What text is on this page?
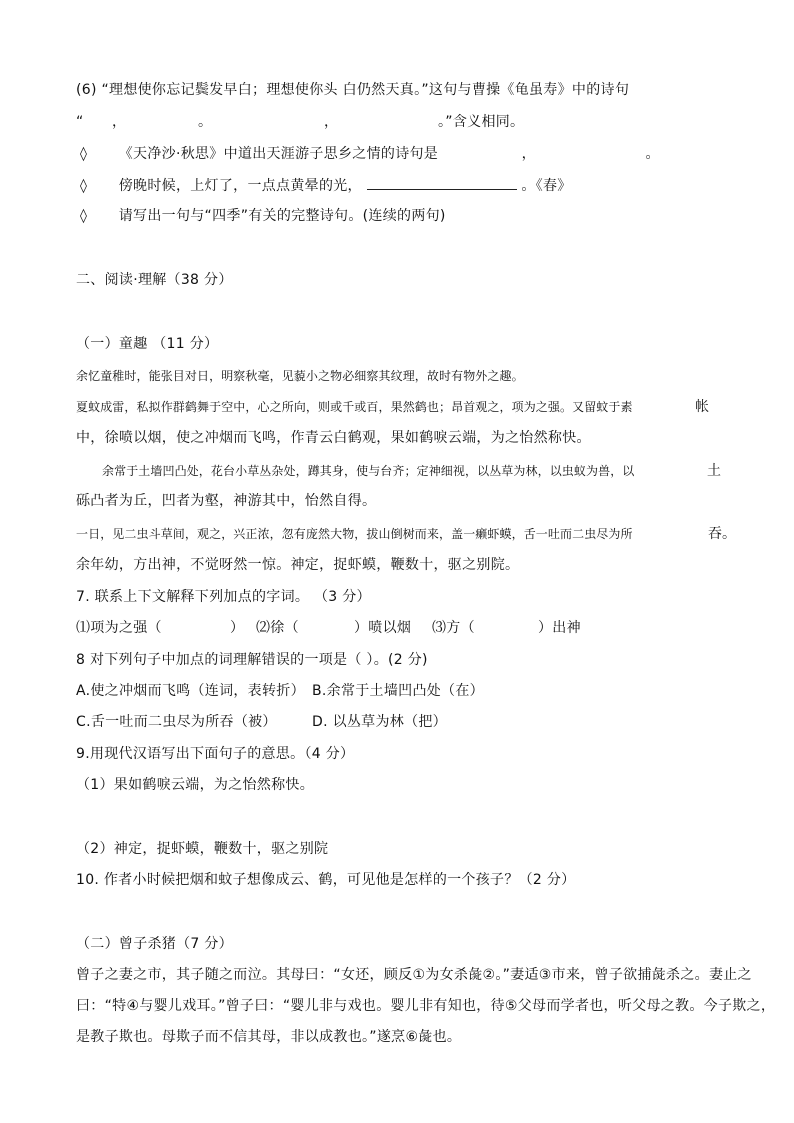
(6) “理想使你忘记鬓发早白；理想使你头 白仍然天真。”这句与曹操《龟虽寿》中的诗句
“ ，	。	，	。”含义相同。
◊ 《天净沙·秋思》中道出天涯游子思乡之情的诗句是	，	。
◊ 傍晚时候，上灯了，一点点黄晕的光，	。《春》
◊ 请写出一句与“四季”有关的完整诗句。(连续的两句)
二、阅读·理解（38 分）
（一）童趣 （11 分）
余忆童稚时，能张目对日，明察秋毫，见藐小之物必细察其纹理，故时有物外之趣。
夏蚊成雷，私拟作群鹤舞于空中，心之所向，则或千或百，果然鹤也；昂首观之，项为之强。又留蚊于素	帐
中，徐喷以烟，使之冲烟而飞鸣，作青云白鹤观，果如鹤唳云端，为之怡然称快。
余常于土墙凹凸处，花台小草丛杂处，蹲其身，使与台齐；定神细视，以丛草为林，以虫蚁为兽，以	土
砾凸者为丘，凹者为壑，神游其中，怡然自得。
一日，见二虫斗草间，观之，兴正浓，忽有庞然大物，拔山倒树而来，盖一癞虾蟆，舌一吐而二虫尽为所	吞。
余年幼，方出神，不觉呀然一惊。神定，捉虾蟆，鞭数十，驱之别院。
7. 联系上下文解释下列加点的字词。 （3 分）
⑴项为之强（	） ⑵徐（	）喷以烟 ⑶方（	）出神
8 对下列句子中加点的词理解错误的一项是（ ）。(2 分)
A.使之冲烟而飞鸣（连词，表转折） B.余常于土墙凹凸处（在）
C.舌一吐而二虫尽为所吞（被）	D. 以丛草为林（把）
9.用现代汉语写出下面句子的意思。（4 分）
（1）果如鹤唳云端，为之怡然称快。
（2）神定，捉虾蟆，鞭数十，驱之别院
10. 作者小时候把烟和蚊子想像成云、鹤，可见他是怎样的一个孩子？（2 分）
（二）曾子杀猪（7 分）
曾子之妻之市，其子随之而泣。其母曰：“女还，顾反①为女杀彘②。”妻适③市来，曾子欲捕彘杀之。妻止之
曰：“特④与婴儿戏耳。”曾子曰：“婴儿非与戏也。婴儿非有知也，待⑤父母而学者也，听父母之教。今子欺之，
是教子欺也。母欺子而不信其母，非以成教也。”遂烹⑥彘也。
